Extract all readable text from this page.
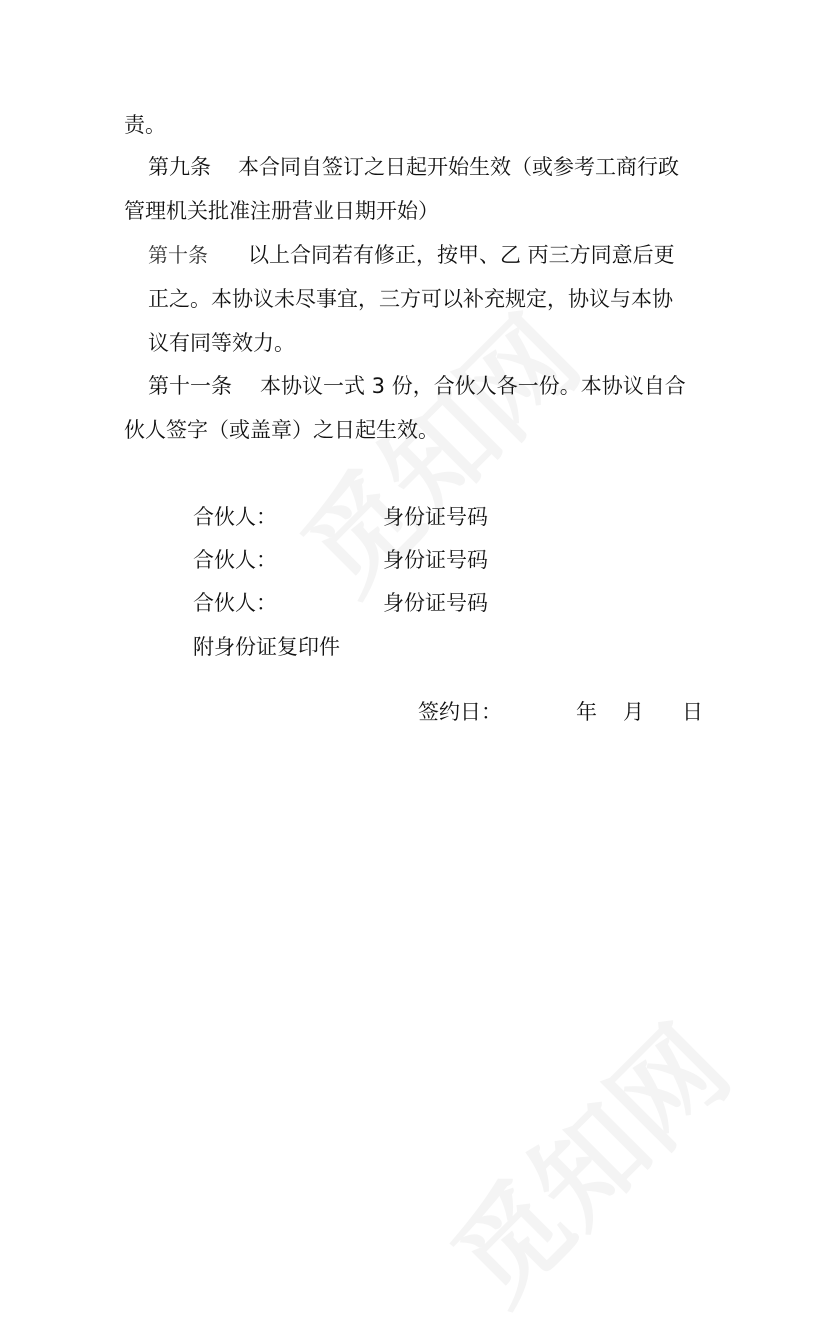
责。
第九条 本合同自签订之日起开始生效（或参考工商行政
管理机关批准注册营业日期开始）
第十条 以上合同若有修正，按甲、乙 丙三方同意后更
正之。本协议未尽事宜，三方可以补充规定，协议与本协
议有同等效力。
第十一条 本协议一式 3 份，合伙人各一份。本协议自合
伙人签字（或盖章）之日起生效。
合伙人：	身份证号码
合伙人：	身份证号码
合伙人：	身份证号码
附身份证复印件
签约日：	年 月 日
